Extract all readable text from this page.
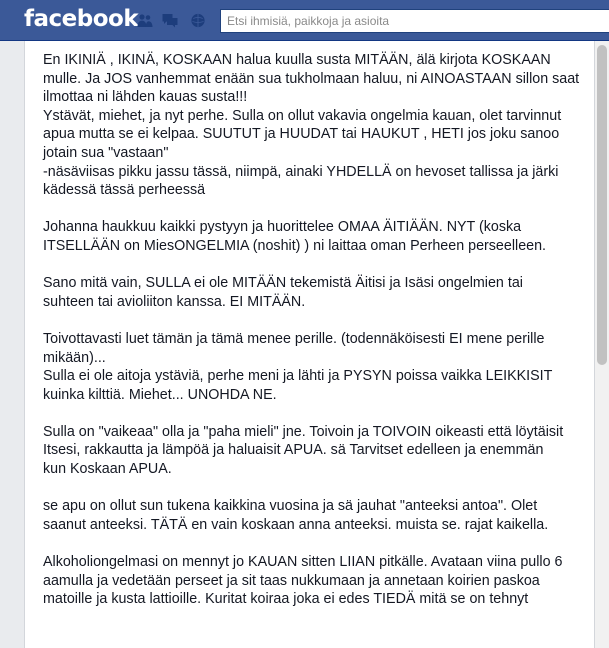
facebook
Etsi ihmisiä, paikkoja ja asioita

En IKINIÄ , IKINÄ, KOSKAAN halua kuulla susta MITÄÄN, älä kirjota KOSKAAN
mulle. Ja JOS vanhemmat enään sua tukholmaan haluu, ni AINOASTAAN sillon saat
ilmottaa ni lähden kauas susta!!!
Ystävät, miehet, ja nyt perhe. Sulla on ollut vakavia ongelmia kauan, olet tarvinnut
apua mutta se ei kelpaa. SUUTUT ja HUUDAT tai HAUKUT , HETI jos joku sanoo
jotain sua "vastaan"
-näsäviisas pikku jassu tässä, niimpä, ainaki YHDELLÄ on hevoset tallissa ja järki
kädessä tässä perheessä

Johanna haukkuu kaikki pystyyn ja huorittelee OMAA ÄITIÄÄN. NYT (koska
ITSELLÄÄN on MiesONGELMIA (noshit) ) ni laittaa oman Perheen perseelleen.

Sano mitä vain, SULLA ei ole MITÄÄN tekemistä Äitisi ja Isäsi ongelmien tai
suhteen tai avioliiton kanssa. EI MITÄÄN.

Toivottavasti luet tämän ja tämä menee perille. (todennäköisesti EI mene perille
mikään)...
Sulla ei ole aitoja ystäviä, perhe meni ja lähti ja PYSYN poissa vaikka LEIKKISIT
kuinka kilttiä. Miehet... UNOHDA NE.

Sulla on "vaikeaa" olla ja "paha mieli" jne. Toivoin ja TOIVOIN oikeasti että löytäisit
Itsesi, rakkautta ja lämpöä ja haluaisit APUA. sä Tarvitset edelleen ja enemmän
kun Koskaan APUA.

se apu on ollut sun tukena kaikkina vuosina ja sä jauhat "anteeksi antoa". Olet
saanut anteeksi. TÄTÄ en vain koskaan anna anteeksi. muista se. rajat kaikella.

Alkoholiongelmasi on mennyt jo KAUAN sitten LIIAN pitkälle. Avataan viina pullo 6
aamulla ja vedetään perseet ja sit taas nukkumaan ja annetaan koirien paskoa
matoille ja kusta lattioille. Kuritat koiraa joka ei edes TIEDÄ mitä se on tehnyt
